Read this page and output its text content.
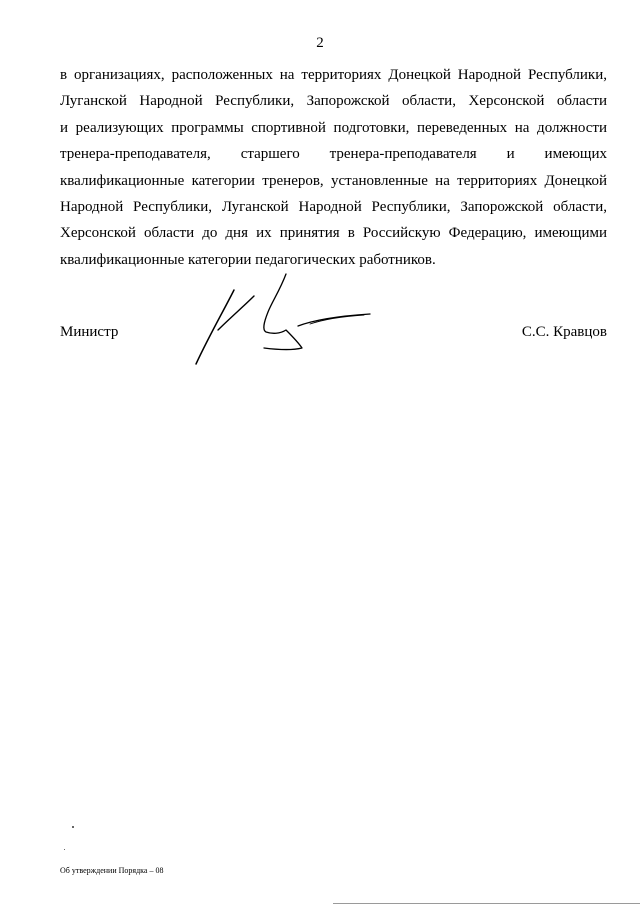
2
в организациях, расположенных на территориях Донецкой Народной Республики,
Луганской Народной Республики, Запорожской области, Херсонской области
и реализующих программы спортивной подготовки, переведенных на должности
тренера-преподавателя, старшего тренера-преподавателя и имеющих
квалификационные категории тренеров, установленные на территориях Донецкой
Народной Республики, Луганской Народной Республики, Запорожской области,
Херсонской области до дня их принятия в Российскую Федерацию, имеющими
квалификационные категории педагогических работников.
Министр	С.С. Кравцов
Об утверждении Порядка – 08
